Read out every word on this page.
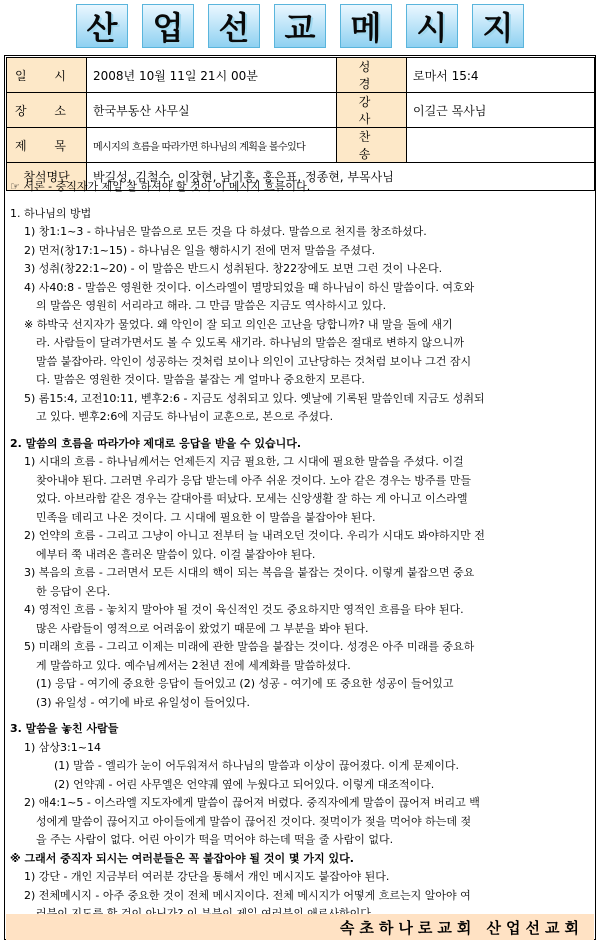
산	업	선	교	메	시	지
일 시	2008년 10월 11일 21시 00분	성 경	로마서 15:4
장 소	한국부동산 사무실	강 사	이길근 목사님
제 목	메시지의 흐름을 따라가면 하나님의 계획을 볼수있다	찬 송	
참석명단	박길성, 김철수, 이장현, 남기홍, 홍은표, 정종현, 부목사님		

☞ 서론 - 중직자가 제일 잘 하셔야 할 것이 이 메시지 흐름이다.

1. 하나님의 방법

1) 창1:1~3 - 하나님은 말씀으로 모든 것을 다 하셨다. 말씀으로 천지를 창조하셨다.

2) 먼저(창17:1~15) - 하나님은 일을 행하시기 전에 먼저 말씀을 주셨다.

3) 성취(창22:1~20) - 이 말씀은 반드시 성취된다. 창22장에도 보면 그런 것이 나온다.

4) 사40:8 - 말씀은 영원한 것이다. 이스라엘이 멸망되었을 때 하나님이 하신 말씀이다. 여호와

의 말씀은 영원히 서리라고 해라. 그 만큼 말씀은 지금도 역사하시고 있다.

※ 하박국 선지자가 물었다. 왜 악인이 잘 되고 의인은 고난을 당합니까? 내 말을 돌에 새기

라. 사람들이 달려가면서도 볼 수 있도록 새기라. 하나님의 말씀은 절대로 변하지 않으니까

말씀 붙잡아라. 악인이 성공하는 것처럼 보이나 의인이 고난당하는 것처럼 보이나 그건 잠시

다. 말씀은 영원한 것이다. 말씀을 붙잡는 게 얼마나 중요한지 모른다.

5) 롬15:4, 고전10:11, 벧후2:6 - 지금도 성취되고 있다. 옛날에 기록된 말씀인데 지금도 성취되

고 있다. 벧후2:6에 지금도 하나님이 교훈으로, 본으로 주셨다.

2. 말씀의 흐름을 따라가야 제대로 응답을 받을 수 있습니다.

1) 시대의 흐름 - 하나님께서는 언제든지 지금 필요한, 그 시대에 필요한 말씀을 주셨다. 이걸

찾아내야 된다. 그러면 우리가 응답 받는데 아주 쉬운 것이다. 노아 같은 경우는 방주를 만들

었다. 아브라함 같은 경우는 갈대아를 떠났다. 모세는 신앙생활 잘 하는 게 아니고 이스라엘

민족을 데리고 나온 것이다. 그 시대에 필요한 이 말씀을 붙잡아야 된다.

2) 언약의 흐름 - 그리고 그냥이 아니고 전부터 늘 내려오던 것이다. 우리가 시대도 봐야하지만 전

에부터 쭉 내려온 흘러온 말씀이 있다. 이걸 붙잡아야 된다.

3) 복음의 흐름 - 그러면서 모든 시대의 핵이 되는 복음을 붙잡는 것이다. 이렇게 붙잡으면 중요

한 응답이 온다.

4) 영적인 흐름 - 놓치지 말아야 될 것이 육신적인 것도 중요하지만 영적인 흐름을 타야 된다.

많은 사람들이 영적으로 어려움이 왔었기 때문에 그 부분을 봐야 된다.

5) 미래의 흐름 - 그리고 이제는 미래에 관한 말씀을 붙잡는 것이다. 성경은 아주 미래를 중요하

게 말씀하고 있다. 예수님께서는 2천년 전에 세계화를 말씀하셨다.

(1) 응답 - 여기에 중요한 응답이 들어있고 (2) 성공 - 여기에 또 중요한 성공이 들어있고

(3) 유일성 - 여기에 바로 유일성이 들어있다.

3. 말씀을 놓친 사람들

1) 삼상3:1~14

(1) 말씀 - 엘리가 눈이 어두워져서 하나님의 말씀과 이상이 끊어졌다. 이게 문제이다.

(2) 언약궤 - 어린 사무엘은 언약궤 옆에 누웠다고 되어있다. 이렇게 대조적이다.

2) 애4:1~5 - 이스라엘 지도자에게 말씀이 끊어져 버렸다. 중직자에게 말씀이 끊어져 버리고 백

성에게 말씀이 끊어지고 아이들에게 말씀이 끊어진 것이다. 젖먹이가 젖을 먹어야 하는데 젖

을 주는 사람이 없다. 어린 아이가 떡을 먹어야 하는데 떡을 줄 사람이 없다.

※ 그래서 중직자 되시는 여러분들은 꼭 붙잡아야 될 것이 몇 가지 있다.

1) 강단 - 개인 지금부터 여러분 강단을 통해서 개인 메시지도 붙잡아야 된다.

2) 전체메시지 - 아주 중요한 것이 전체 메시지이다. 전체 메시지가 어떻게 흐르는지 알아야 여

속초하나로교회 산업선교회
